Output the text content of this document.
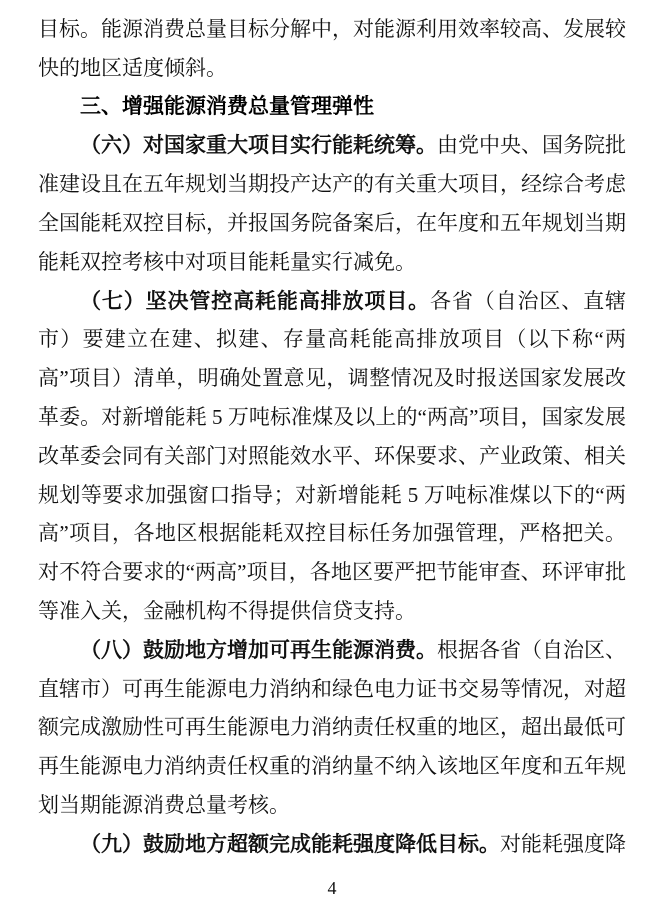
目标。能源消费总量目标分解中，对能源利用效率较高、发展较快的地区适度倾斜。

三、增强能源消费总量管理弹性

（六）对国家重大项目实行能耗统筹。由党中央、国务院批准建设且在五年规划当期投产达产的有关重大项目，经综合考虑全国能耗双控目标，并报国务院备案后，在年度和五年规划当期能耗双控考核中对项目能耗量实行减免。

（七）坚决管控高耗能高排放项目。各省（自治区、直辖市）要建立在建、拟建、存量高耗能高排放项目（以下称“两高”项目）清单，明确处置意见，调整情况及时报送国家发展改革委。对新增能耗 5 万吨标准煤及以上的“两高”项目，国家发展改革委会同有关部门对照能效水平、环保要求、产业政策、相关规划等要求加强窗口指导；对新增能耗 5 万吨标准煤以下的“两高”项目，各地区根据能耗双控目标任务加强管理，严格把关。对不符合要求的“两高”项目，各地区要严把节能审查、环评审批等准入关，金融机构不得提供信贷支持。

（八）鼓励地方增加可再生能源消费。根据各省（自治区、直辖市）可再生能源电力消纳和绿色电力证书交易等情况，对超额完成激励性可再生能源电力消纳责任权重的地区，超出最低可再生能源电力消纳责任权重的消纳量不纳入该地区年度和五年规划当期能源消费总量考核。

（九）鼓励地方超额完成能耗强度降低目标。对能耗强度降

4
